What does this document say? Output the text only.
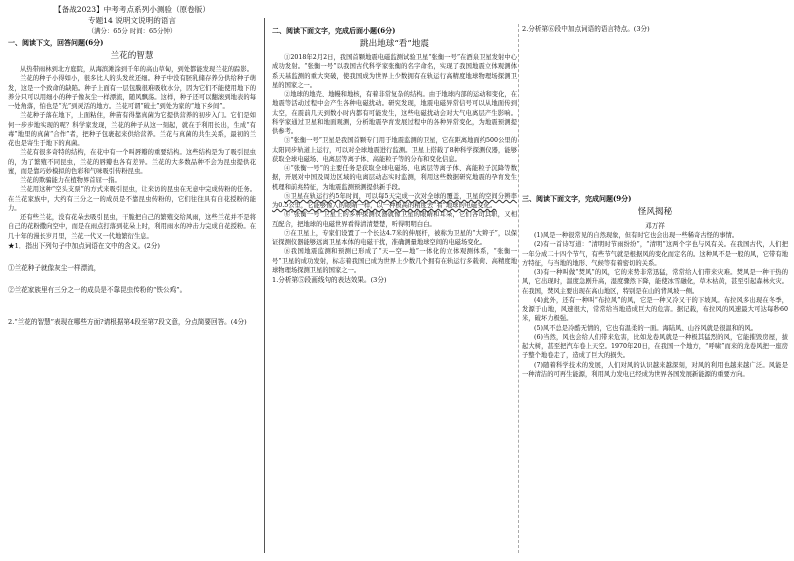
【备战2023】中考考点系列小测验（原卷版）

专题14 说明文说明的语言

（满分：65分 时间：65分钟）

一、阅读下文，回答问题(6分)

兰花的智慧

从热带雨林到北方庭院，从海滨滩涂到千年的高山草甸，到处都能发现兰花的踪影。

兰花的种子小得如小，很多比人的头发丝还细。种子中没有胚乳储存养分供给种子萌发，这是一个致命的缺陷。种子上面有一层包膜很难吸收水分，因为它们不能使用地下的养分只可以用细小的种子像灰尘一样漂流，随风飘荡。这样，种子还可以翻滚到地表的每一处角落，怕也是“光”到灵活的地方。兰花可谓“破土”到处为家的“地下乡间”。

兰花种子落在地下，上面粘住，种苗有得靠真菌为它提供营养的初步入门。它们是如何一步步地实现的呢？科学家发现，兰花的种子从这一刻起，就在于利用长出，生成“有毒”地里的真菌“合作”者，把种子包裹起来供给营养。兰花与真菌的共生关系，最初的兰花也是寄生于地下的真菌。

兰花有很多奇特的结构，在花中有一个叫唇瓣的重要结构。这些结构是为了吸引昆虫的，为了繁殖不同昆虫，兰花的唇瓣也各有差异。兰花的大多数品种不会为昆虫提供花蜜，而是靠巧妙模拟的色彩和气味吸引传粉昆虫。

兰花的欺骗能力在植物界首屈一指。

兰花用这种“空头支票”的方式来吸引昆虫，让来访的昆虫在无意中完成传粉的任务。在兰花家族中，大约有三分之一的成员是不靠昆虫传粉的，它们往往具有自花授粉的能力。

还有些兰花，没有花朵去吸引昆虫，干脆把自己的繁殖交给风雨，这些兰花并不是将自己的花粉撒向空中，而是在雨点打落到花朵上时，利用雨水的冲击力完成自花授粉。在几十年的漫长岁月里，兰花一代又一代地繁衍生息。

★1．指出下列句子中加点词语在文中的含义。(2分)

①兰花种子就像灰尘一样漂流，

②兰花家族里有三分之一的成员是不靠昆虫传粉的“铁公鸡”。

2.“兰花的智慧”表现在哪些方面?请根据第4段至第7段文意，分点简要回答。(4分)

二、阅读下面文字，完成后面小题(6分)

跳出地球“看”地震

①2018年2月2日，我国首颗地震电磁监测试验卫星“张衡一号”在酒泉卫星发射中心成功发射。“张衡一号”以我国古代科学家张衡的名字命名，实现了我国地震立体观测体系天基监测的重大突破，使我国成为世界上少数拥有在轨运行高精度地球物理场探测卫星的国家之一。

②地球的地壳、地幔和地核，有着非常复杂的结构。由于地球内部的运动和变化，在地震等活动过程中会产生各种电磁扰动。研究发现，地震电磁异常信号可以从地面传到太空，在震前几天到数小时内都有可能发生，这些电磁扰动会对大气电离层产生影响。科学家通过卫星和地面观测，分析地震孕育发展过程中的各种异常变化，为地震预测提供参考。

③“张衡一号”卫星是我国首颗专门用于地震监测的卫星，它在距离地面约500公里的太阳同步轨道上运行，可以对全球地震进行监测。卫星上搭载了8种科学探测仪器，能够获取全球电磁场、电离层等离子体、高能粒子等的分布和变化信息。

④“张衡一号”的主要任务是获取全球电磁场、电离层等离子体、高能粒子沉降等数据，开展对中国及周边区域的电离层动态实时监测，利用这些数据研究地震的孕育发生机理和前兆特征，为地震监测预测提供新手段。

⑤卫星在轨运行约5年时间，可以每5天完成一次对全球的覆盖，卫星的空间分辨率为0.5公里，它能够像人的眼睛一样，以一种极高的精度去“看”地球的电磁变化。

⑥“张衡一号”卫星上的多种探测仪器就像卫星的眼睛和耳朵，它们各司其职，又相互配合，把地球的电磁世界看得清清楚楚，听得明明白白。

⑦在卫星上，专家们设置了一个长达4.7米的伸展杆，被称为卫星的“大辫子”，以保证探测仪器能够远离卫星本体的电磁干扰，准确测量地球空间的电磁场变化。

⑧我国地震监测和预测已形成了“天—空—地”一体化的立体观测体系，“张衡一号”卫星的成功发射，标志着我国已成为世界上少数几个拥有在轨运行多载荷、高精度地球物理场探测卫星的国家之一。

1.分析第⑤段画线句的表达效果。(3分)

2.分析第⑥段中加点词语的语言特点。(3分)

三、阅读下面文字，完成问题(9分)

怪风揭秘

邓万祥

(1)风是一种很常见的自然现象，但有时它也会出现一些稀奇古怪的事情。

(2)有一首诗写道：“清明时节雨纷纷”，“清明”这两个字也与风有关。在我国古代，人们把一年分成二十四个节气，有些节气就是根据风的变化而定名的。这种风不是一般的风，它带有地方特征，与当地的地形、气候等有着密切的关系。

(3)有一种叫做“焚风”的风，它的来势非常迅猛，常常给人们带来灾难。焚风是一种干热的风，它出现时，温度急剧升高，湿度骤然下降，能使冰雪融化，草木枯黄，甚至引起森林火灾。在我国，焚风主要出现在高山地区，特别是在山的背风坡一侧。

(4)此外，还有一种叫“布拉风”的风，它是一种又冷又干的下坡风。布拉风多出现在冬季，发源于山地，风速很大，常常给当地造成巨大的危害。据记载，布拉风的风速最大可达每秒60米，破坏力极强。

(5)风不总是冷酷无情的，它也有温柔的一面。海陆风、山谷风就是很温和的风。

(6)当然，风也会给人们带来危害，比如龙卷风就是一种极其猛烈的风，它能摧毁房屋，拔起大树，甚至把汽车卷上天空。1970年20日，在我国一个地方，“呼啸”而来的龙卷风把一座房子整个地卷走了，造成了巨大的损失。

(7)随着科学技术的发展，人们对风的认识越来越深刻，对风的利用也越来越广泛。风能是一种清洁的可再生能源，利用风力发电已经成为世界各国发展新能源的重要方向。
